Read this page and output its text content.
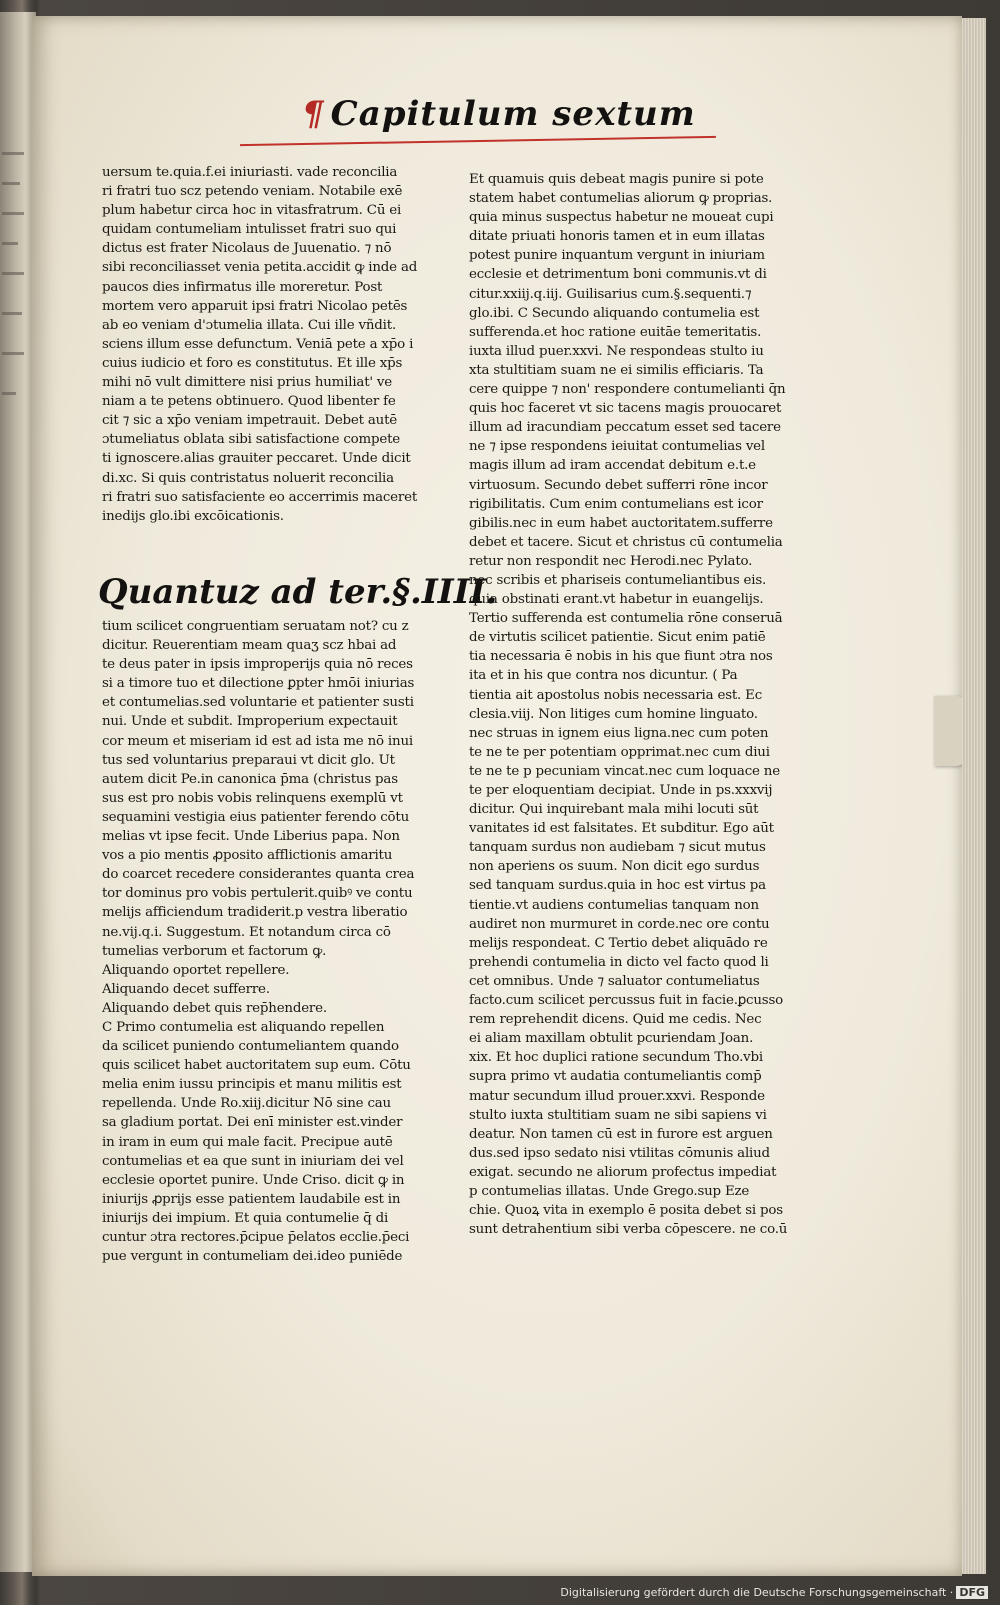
¶ Capitulum sextum
uersum te.quia.f.ei iniuriasti. vade reconcilia
ri fratri tuo scz petendo veniam. Notabile exē
plum habetur circa hoc in vitasfratrum. Cū ei
quidam contumeliam intulisset fratri suo qui
dictus est frater Nicolaus de Juuenatio. ⁊ nō
sibi reconciliasset venia petita.accidit ꝙ inde ad
paucos dies infirmatus ille moreretur. Post
mortem vero apparuit ipsi fratri Nicolao petēs
ab eo veniam d'ɔtumelia illata. Cui ille vñdit.
sciens illum esse defunctum. Veniā pete a xp̄o i
cuius iudicio et foro es constitutus. Et ille xp̄s
mihi nō vult dimittere nisi prius humiliat' ve
niam a te petens obtinuero. Quod libenter fe
cit ⁊ sic a xp̄o veniam impetrauit. Debet autē
ɔtumeliatus oblata sibi satisfactione compete
ti ignoscere.alias grauiter peccaret. Unde dicit
di.xc. Si quis contristatus noluerit reconcilia
ri fratri suo satisfaciente eo accerrimis maceret
inedijs glo.ibi excōicationis.
Quantuz ad ter.§.IIII.
tium scilicet congruentiam seruatam not? cu z
dicitur. Reuerentiam meam quaʒ scz hbai ad
te deus pater in ipsis improperijs quia nō reces
si a timore tuo et dilectione ꝑpter hmōi iniurias
et contumelias.sed voluntarie et patienter susti
nui. Unde et subdit. Improperium expectauit
cor meum et miseriam id est ad ista me nō inui
tus sed voluntarius preparaui vt dicit glo. Ut
autem dicit Pe.in canonica p̄ma (christus pas
sus est pro nobis vobis relinquens exemplū vt
sequamini vestigia eius patienter ferendo cōtu
melias vt ipse fecit. Unde Liberius papa. Non
vos a pio mentis ꝓposito afflictionis amaritu
do coarcet recedere considerantes quanta crea
tor dominus pro vobis pertulerit.quibꝰ ve contu
melijs afficiendum tradiderit.p vestra liberatio
ne.vij.q.i. Suggestum. Et notandum circa cō
tumelias verborum et factorum ꝙ.
Aliquando oportet repellere.
Aliquando decet sufferre.
Aliquando debet quis rep̄hendere.
C Primo contumelia est aliquando repellen
da scilicet puniendo contumeliantem quando
quis scilicet habet auctoritatem sup eum. Cōtu
melia enim iussu principis et manu militis est
repellenda. Unde Ro.xiij.dicitur Nō sine cau
sa gladium portat. Dei enī minister est.vinder
in iram in eum qui male facit. Precipue autē
contumelias et ea que sunt in iniuriam dei vel
ecclesie oportet punire. Unde Criso. dicit ꝙ in
iniurijs ꝓprijs esse patientem laudabile est in
iniurijs dei impium. Et quia contumelie q̄ di
cuntur ɔtra rectores.p̄cipue p̄elatos ecclie.p̄eci
pue vergunt in contumeliam dei.ideo puniēde
Et quamuis quis debeat magis punire si pote
statem habet contumelias aliorum ꝙ proprias.
quia minus suspectus habetur ne moueat cupi
ditate priuati honoris tamen et in eum illatas
potest punire inquantum vergunt in iniuriam
ecclesie et detrimentum boni communis.vt di
citur.xxiij.q.iij. Guilisarius cum.§.sequenti.⁊
glo.ibi. C Secundo aliquando contumelia est
sufferenda.et hoc ratione euitāe temeritatis.
iuxta illud puer.xxvi. Ne respondeas stulto iu
xta stultitiam suam ne ei similis efficiaris. Ta
cere quippe ⁊ non' respondere contumelianti q̄n
quis hoc faceret vt sic tacens magis prouocaret
illum ad iracundiam peccatum esset sed tacere
ne ⁊ ipse respondens ieiuitat contumelias vel
magis illum ad iram accendat debitum e.t.e
virtuosum. Secundo debet sufferri rōne incor
rigibilitatis. Cum enim contumelians est icor
gibilis.nec in eum habet auctoritatem.sufferre
debet et tacere. Sicut et christus cū contumelia
retur non respondit nec Herodi.nec Pylato.
nec scribis et phariseis contumeliantibus eis.
quia obstinati erant.vt habetur in euangelijs.
Tertio sufferenda est contumelia rōne conseruā
de virtutis scilicet patientie. Sicut enim patiē
tia necessaria ē nobis in his que fiunt ɔtra nos
ita et in his que contra nos dicuntur. ( Pa
tientia ait apostolus nobis necessaria est. Ec
clesia.viij. Non litiges cum homine linguato.
nec struas in ignem eius ligna.nec cum poten
te ne te per potentiam opprimat.nec cum diui
te ne te p pecuniam vincat.nec cum loquace ne
te per eloquentiam decipiat. Unde in ps.xxxvij
dicitur. Qui inquirebant mala mihi locuti sūt
vanitates id est falsitates. Et subditur. Ego aūt
tanquam surdus non audiebam ⁊ sicut mutus
non aperiens os suum. Non dicit ego surdus
sed tanquam surdus.quia in hoc est virtus pa
tientie.vt audiens contumelias tanquam non
audiret non murmuret in corde.nec ore contu
melijs respondeat. C Tertio debet aliquādo re
prehendi contumelia in dicto vel facto quod li
cet omnibus. Unde ⁊ saluator contumeliatus
facto.cum scilicet percussus fuit in facie.ꝑcusso
rem reprehendit dicens. Quid me cedis. Nec
ei aliam maxillam obtulit pcuriendam Joan.
xix. Et hoc duplici ratione secundum Tho.vbi
supra primo vt audatia contumeliantis comp̄
matur secundum illud prouer.xxvi. Responde
stulto iuxta stultitiam suam ne sibi sapiens vi
deatur. Non tamen cū est in furore est arguen
dus.sed ipso sedato nisi vtilitas cōmunis aliud
exigat. secundo ne aliorum profectus impediat
p contumelias illatas. Unde Grego.sup Eze
chie. Quoꝝ vita in exemplo ē posita debet si pos
sunt detrahentium sibi verba cōpescere. ne co.ū
Digitalisierung gefördert durch die Deutsche Forschungsgemeinschaft · DFG
